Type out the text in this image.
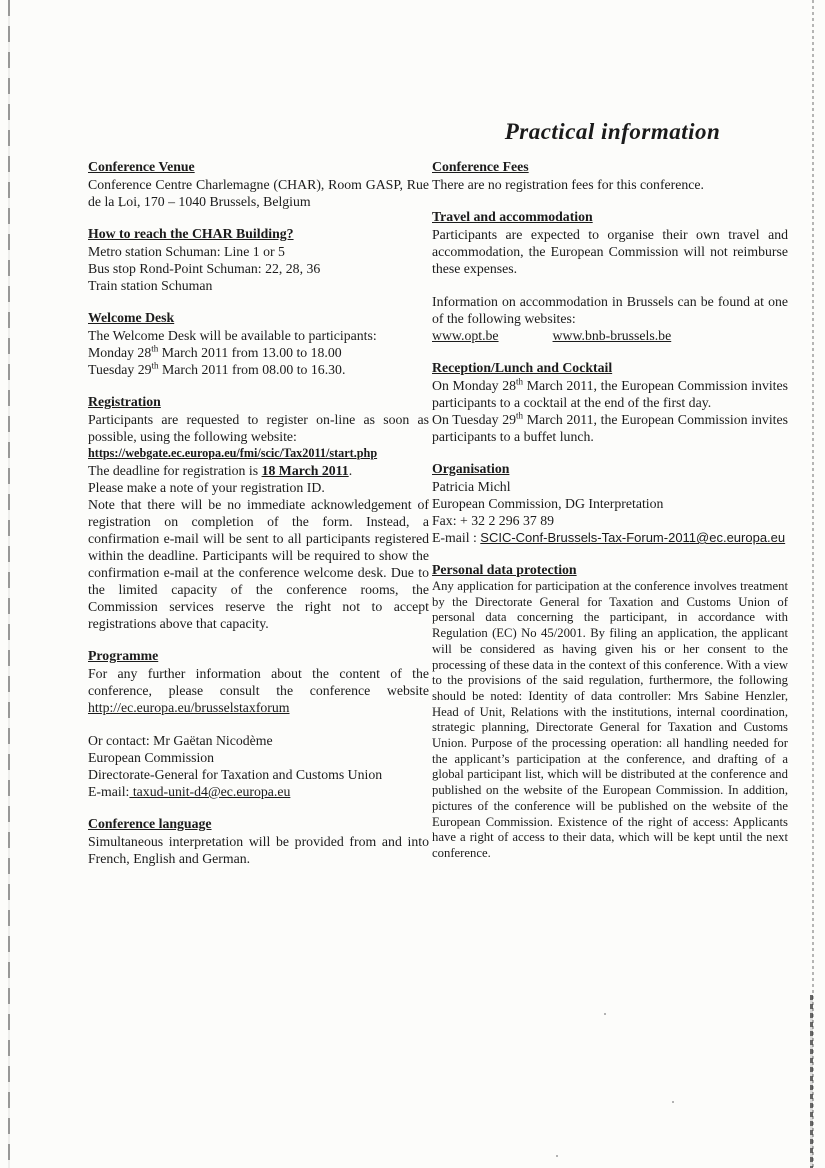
Practical information
Conference Venue

Conference Centre Charlemagne (CHAR), Room GASP, Rue de la Loi, 170 – 1040 Brussels, Belgium

How to reach the CHAR Building?

Metro station Schuman: Line 1 or 5

Bus stop Rond-Point Schuman: 22, 28, 36

Train station Schuman

Welcome Desk

The Welcome Desk will be available to participants:

Monday 28th March 2011 from 13.00 to 18.00

Tuesday 29th March 2011 from 08.00 to 16.30.

Registration

Participants are requested to register on-line as soon as possible, using the following website:

https://webgate.ec.europa.eu/fmi/scic/Tax2011/start.php

The deadline for registration is 18 March 2011.

Please make a note of your registration ID.

Note that there will be no immediate acknowledgement of registration on completion of the form. Instead, a confirmation e-mail will be sent to all participants registered within the deadline. Participants will be required to show the confirmation e-mail at the conference welcome desk. Due to the limited capacity of the conference rooms, the Commission services reserve the right not to accept registrations above that capacity.

Programme

For any further information about the content of the conference, please consult the conference website http://ec.europa.eu/brusselstaxforum

Or contact: Mr Gaëtan Nicodème

European Commission

Directorate-General for Taxation and Customs Union

E-mail: taxud-unit-d4@ec.europa.eu

Conference language

Simultaneous interpretation will be provided from and into French, English and German.

Conference Fees

There are no registration fees for this conference.

Travel and accommodation

Participants are expected to organise their own travel and accommodation, the European Commission will not reimburse these expenses.

Information on accommodation in Brussels can be found at one of the following websites:

www.opt.be	www.bnb-brussels.be

Reception/Lunch and Cocktail

On Monday 28th March 2011, the European Commission invites participants to a cocktail at the end of the first day.

On Tuesday 29th March 2011, the European Commission invites participants to a buffet lunch.

Organisation

Patricia Michl

European Commission, DG Interpretation

Fax: + 32 2 296 37 89

E-mail : SCIC-Conf-Brussels-Tax-Forum-2011@ec.europa.eu

Personal data protection

Any application for participation at the conference involves treatment by the Directorate General for Taxation and Customs Union of personal data concerning the participant, in accordance with Regulation (EC) No 45/2001. By filing an application, the applicant will be considered as having given his or her consent to the processing of these data in the context of this conference. With a view to the provisions of the said regulation, furthermore, the following should be noted: Identity of data controller: Mrs Sabine Henzler, Head of Unit, Relations with the institutions, internal coordination, strategic planning, Directorate General for Taxation and Customs Union. Purpose of the processing operation: all handling needed for the applicant’s participation at the conference, and drafting of a global participant list, which will be distributed at the conference and published on the website of the European Commission. In addition, pictures of the conference will be published on the website of the European Commission. Existence of the right of access: Applicants have a right of access to their data, which will be kept until the next conference.
